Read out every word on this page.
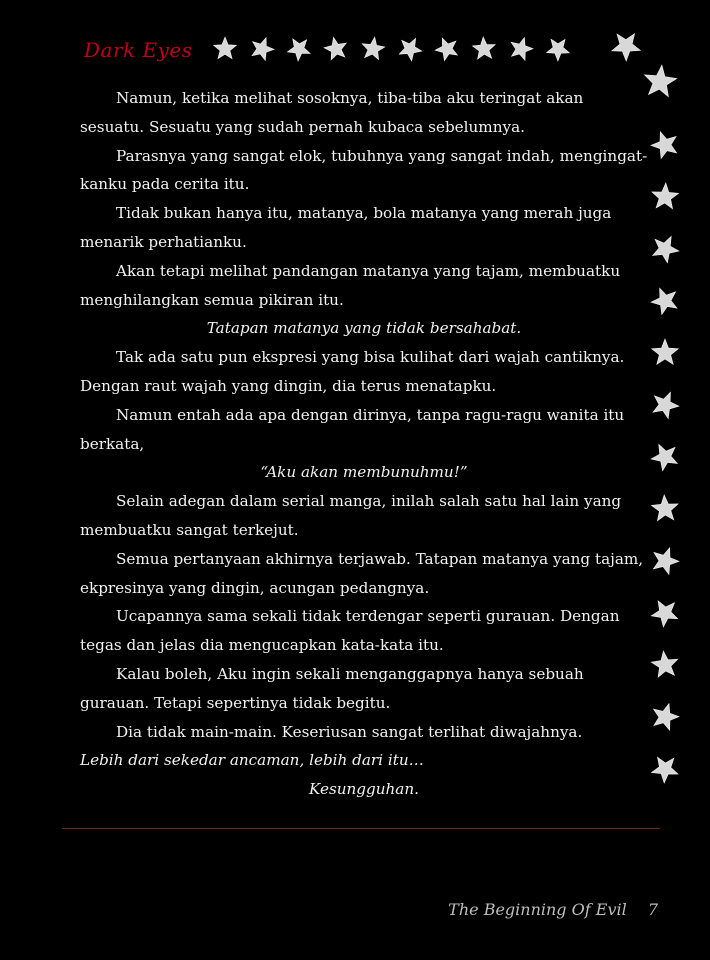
Dark Eyes

Namun, ketika melihat sosoknya, tiba-tiba aku teringat akan sesuatu. Sesuatu yang sudah pernah kubaca sebelumnya.

Parasnya yang sangat elok, tubuhnya yang sangat indah, mengingat-kanku pada cerita itu.

Tidak bukan hanya itu, matanya, bola matanya yang merah juga menarik perhatianku.

Akan tetapi melihat pandangan matanya yang tajam, membuatku menghilangkan semua pikiran itu.

Tatapan matanya yang tidak bersahabat.

Tak ada satu pun ekspresi yang bisa kulihat dari wajah cantiknya. Dengan raut wajah yang dingin, dia terus menatapku.

Namun entah ada apa dengan dirinya, tanpa ragu-ragu wanita itu berkata,

“Aku akan membunuhmu!”

Selain adegan dalam serial manga, inilah salah satu hal lain yang membuatku sangat terkejut.

Semua pertanyaan akhirnya terjawab. Tatapan matanya yang tajam, ekpresinya yang dingin, acungan pedangnya.

Ucapannya sama sekali tidak terdengar seperti gurauan. Dengan tegas dan jelas dia mengucapkan kata-kata itu.

Kalau boleh, Aku ingin sekali menganggapnya hanya sebuah gurauan. Tetapi sepertinya tidak begitu.

Dia tidak main-main. Keseriusan sangat terlihat diwajahnya.

Lebih dari sekedar ancaman, lebih dari itu…

Kesungguhan.

The Beginning Of Evil 7
